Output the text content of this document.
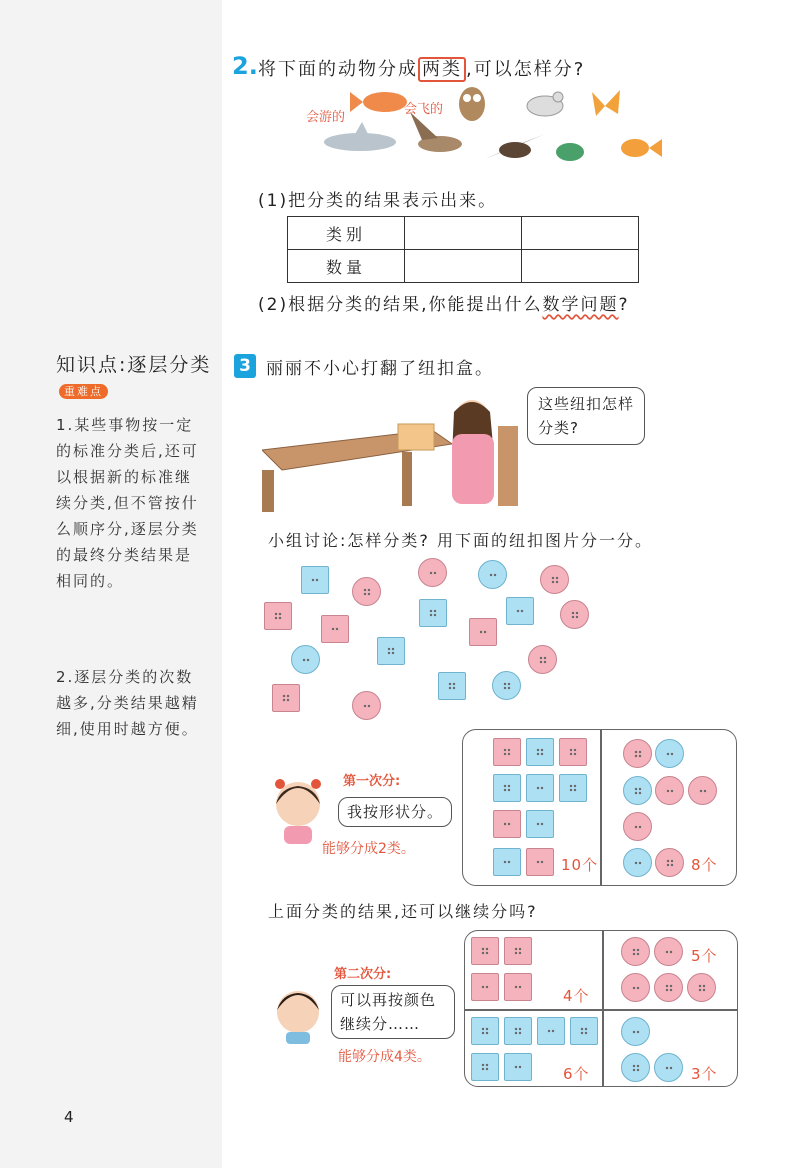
知识点:逐层分类重难点
1.某些事物按一定的标准分类后,还可以根据新的标准继续分类,但不管按什么顺序分,逐层分类的最终分类结果是相同的。
2.逐层分类的次数越多,分类结果越精细,使用时越方便。
2. 将下面的动物分成 两类 ,可以怎样分?
会游的
会飞的
(1)把分类的结果表示出来。
类别		
数量		
(2)根据分类的结果,你能提出什么数学问题?
3 丽丽不小心打翻了纽扣盒。
这些纽扣怎样分类?
小组讨论:怎样分类? 用下面的纽扣图片分一分。
第一次分:
我按形状分。
能够分成2类。
10个	8个
上面分类的结果,还可以继续分吗?
第二次分:
可以再按颜色继续分……
能够分成4类。
4个
6个
5个
3个
4
